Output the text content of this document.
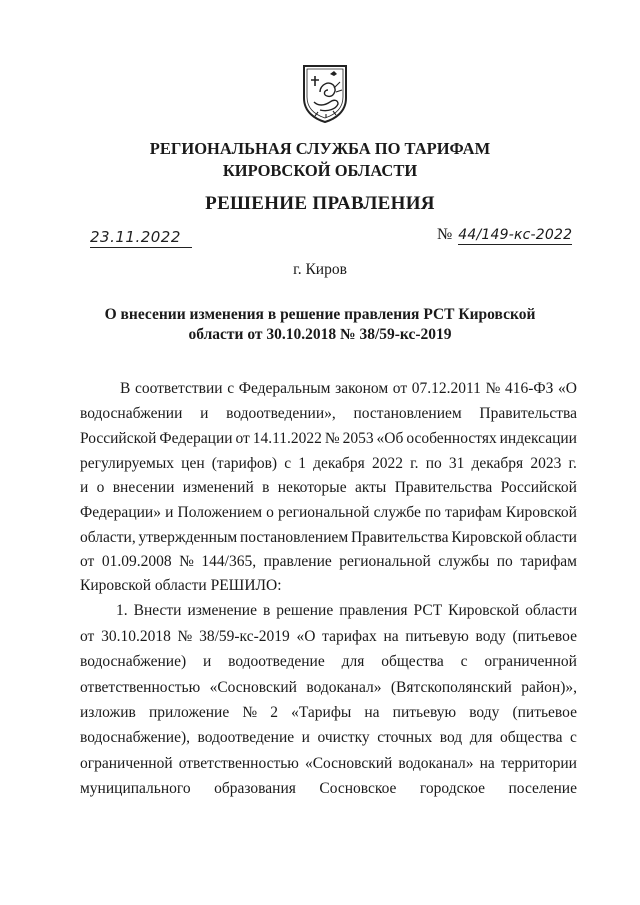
РЕГИОНАЛЬНАЯ СЛУЖБА ПО ТАРИФАМ
КИРОВСКОЙ ОБЛАСТИ
РЕШЕНИЕ ПРАВЛЕНИЯ
23.11.2022	№ 44/149-кс-2022
г. Киров
О внесении изменения в решение правления РСТ Кировской
области от 30.10.2018 № 38/59-кс-2019
В соответствии с Федеральным законом от 07.12.2011 № 416-ФЗ «О
водоснабжении и водоотведении», постановлением Правительства
Российской Федерации от 14.11.2022 № 2053 «Об особенностях индексации
регулируемых цен (тарифов) с 1 декабря 2022 г. по 31 декабря 2023 г.
и о внесении изменений в некоторые акты Правительства Российской
Федерации» и Положением о региональной службе по тарифам Кировской
области, утвержденным постановлением Правительства Кировской области
от 01.09.2008 № 144/365, правление региональной службы по тарифам
Кировской области РЕШИЛО:
1. Внести изменение в решение правления РСТ Кировской области
от 30.10.2018 № 38/59-кс-2019 «О тарифах на питьевую воду (питьевое
водоснабжение) и водоотведение для общества с ограниченной
ответственностью «Сосновский водоканал» (Вятскополянский район)»,
изложив приложение № 2 «Тарифы на питьевую воду (питьевое
водоснабжение), водоотведение и очистку сточных вод для общества с
ограниченной ответственностью «Сосновский водоканал» на территории
муниципального образования Сосновское городское поселение
